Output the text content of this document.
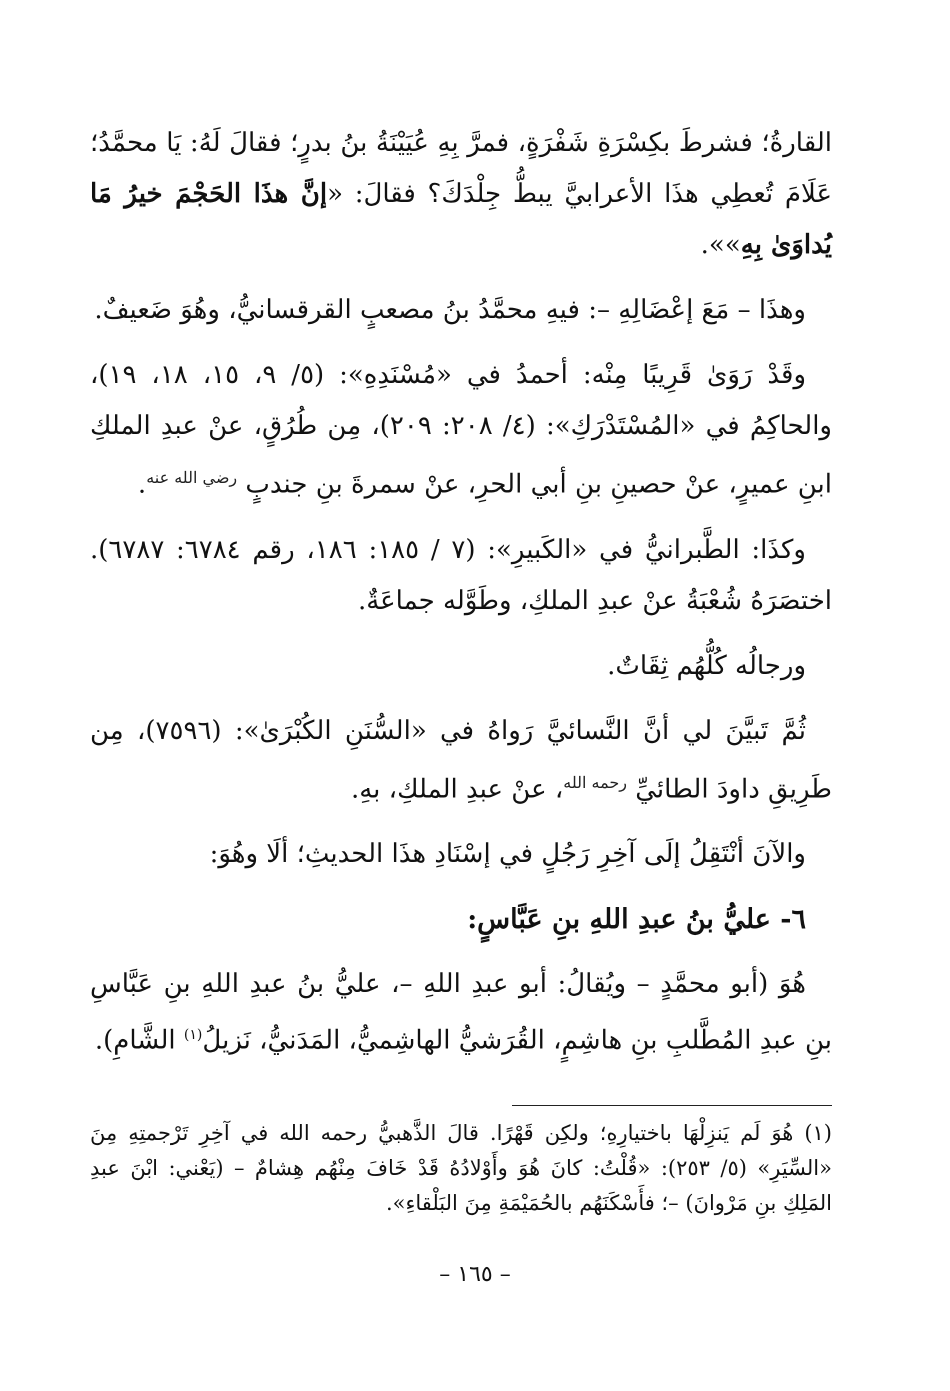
القارةُ؛ فشرطَ بكِسْرَةِ شَفْرَةٍ، فمرَّ بِهِ عُيَيْنَةُ بنُ بدرٍ؛ فقالَ لَهُ: يَا محمَّدُ؛ عَلَامَ تُعطِي هذَا الأعرابيَّ يبطُّ جِلْدَكَ؟ فقالَ: «إنَّ هذَا الحَجْمَ خيرُ مَا يُداوَىٰ بِهِ»».

وهذَا – مَعَ إعْضَالِهِ –: فيهِ محمَّدُ بنُ مصعبٍ القرقسانيُّ، وهُوَ ضَعيفٌ.

وقَدْ رَوَىٰ قَرِيبًا مِنْه: أحمدُ في «مُسْنَدِهِ»: (٥/ ٩، ١٥، ١٨، ١٩)، والحاكِمُ في «المُسْتَدْرَكِ»: (٤/ ٢٠٨: ٢٠٩)، مِن طُرُقٍ، عنْ عبدِ الملكِ ابنِ عميرٍ، عنْ حصينِ بنِ أبي الحرِ، عنْ سمرةَ بنِ جندبٍ $^{رضي الله عنه}$.

وكذَا: الطَّبرانيُّ في «الكَبيرِ»: (٧ / ١٨٥: ١٨٦، رقم ٦٧٨٤: ٦٧٨٧). اختصَرَهُ شُعْبَةُ عنْ عبدِ الملكِ، وطَوَّله جماعَةٌ.

ورجالُه كُلُّهُم ثِقَاتٌ.

ثُمَّ تَبيَّنَ لي أنَّ النَّسائيَّ رَواهُ في «السُّنَنِ الكُبْرَىٰ»: (٧٥٩٦)، مِن طَرِيقِ داودَ الطائيِّ $^{رحمه الله}$، عنْ عبدِ الملكِ، بهِ.

والآنَ أنْتَقِلُ إلَى آخِرِ رَجُلٍ في إسْنَادِ هذَا الحديثِ؛ ألَا وهُوَ:

٦- عليُّ بنُ عبدِ اللهِ بنِ عَبَّاسٍ:

هُوَ (أبو محمَّدٍ – ويُقالُ: أبو عبدِ اللهِ –، عليُّ بنُ عبدِ اللهِ بنِ عَبَّاسِ بنِ عبدِ المُطَّلبِ بنِ هاشِمٍ، القُرَشيُّ الهاشِميُّ، المَدَنيُّ، نَزيلُ$^{(١)}$ الشَّامِ).

(١) هُوَ لَم يَنزِلْهَا باختيارِهِ؛ ولكِن قَهْرًا. قالَ الذَّهبيُّ رحمه الله في آخِرِ تَرْجمتِهِ مِنَ «السِّيَرِ» (٥/ ٢٥٣): «قُلْتُ: كانَ هُوَ وأَوْلادُهُ قَدْ خَافَ مِنْهُم هِشامٌ – (يَعْني: ابْنَ عبدِ المَلِكِ بنِ مَرْوانَ) –؛ فأَسْكَنَهُم بالحُمَيْمَةِ مِنَ البَلْقاءِ».

– ١٦٥ –
